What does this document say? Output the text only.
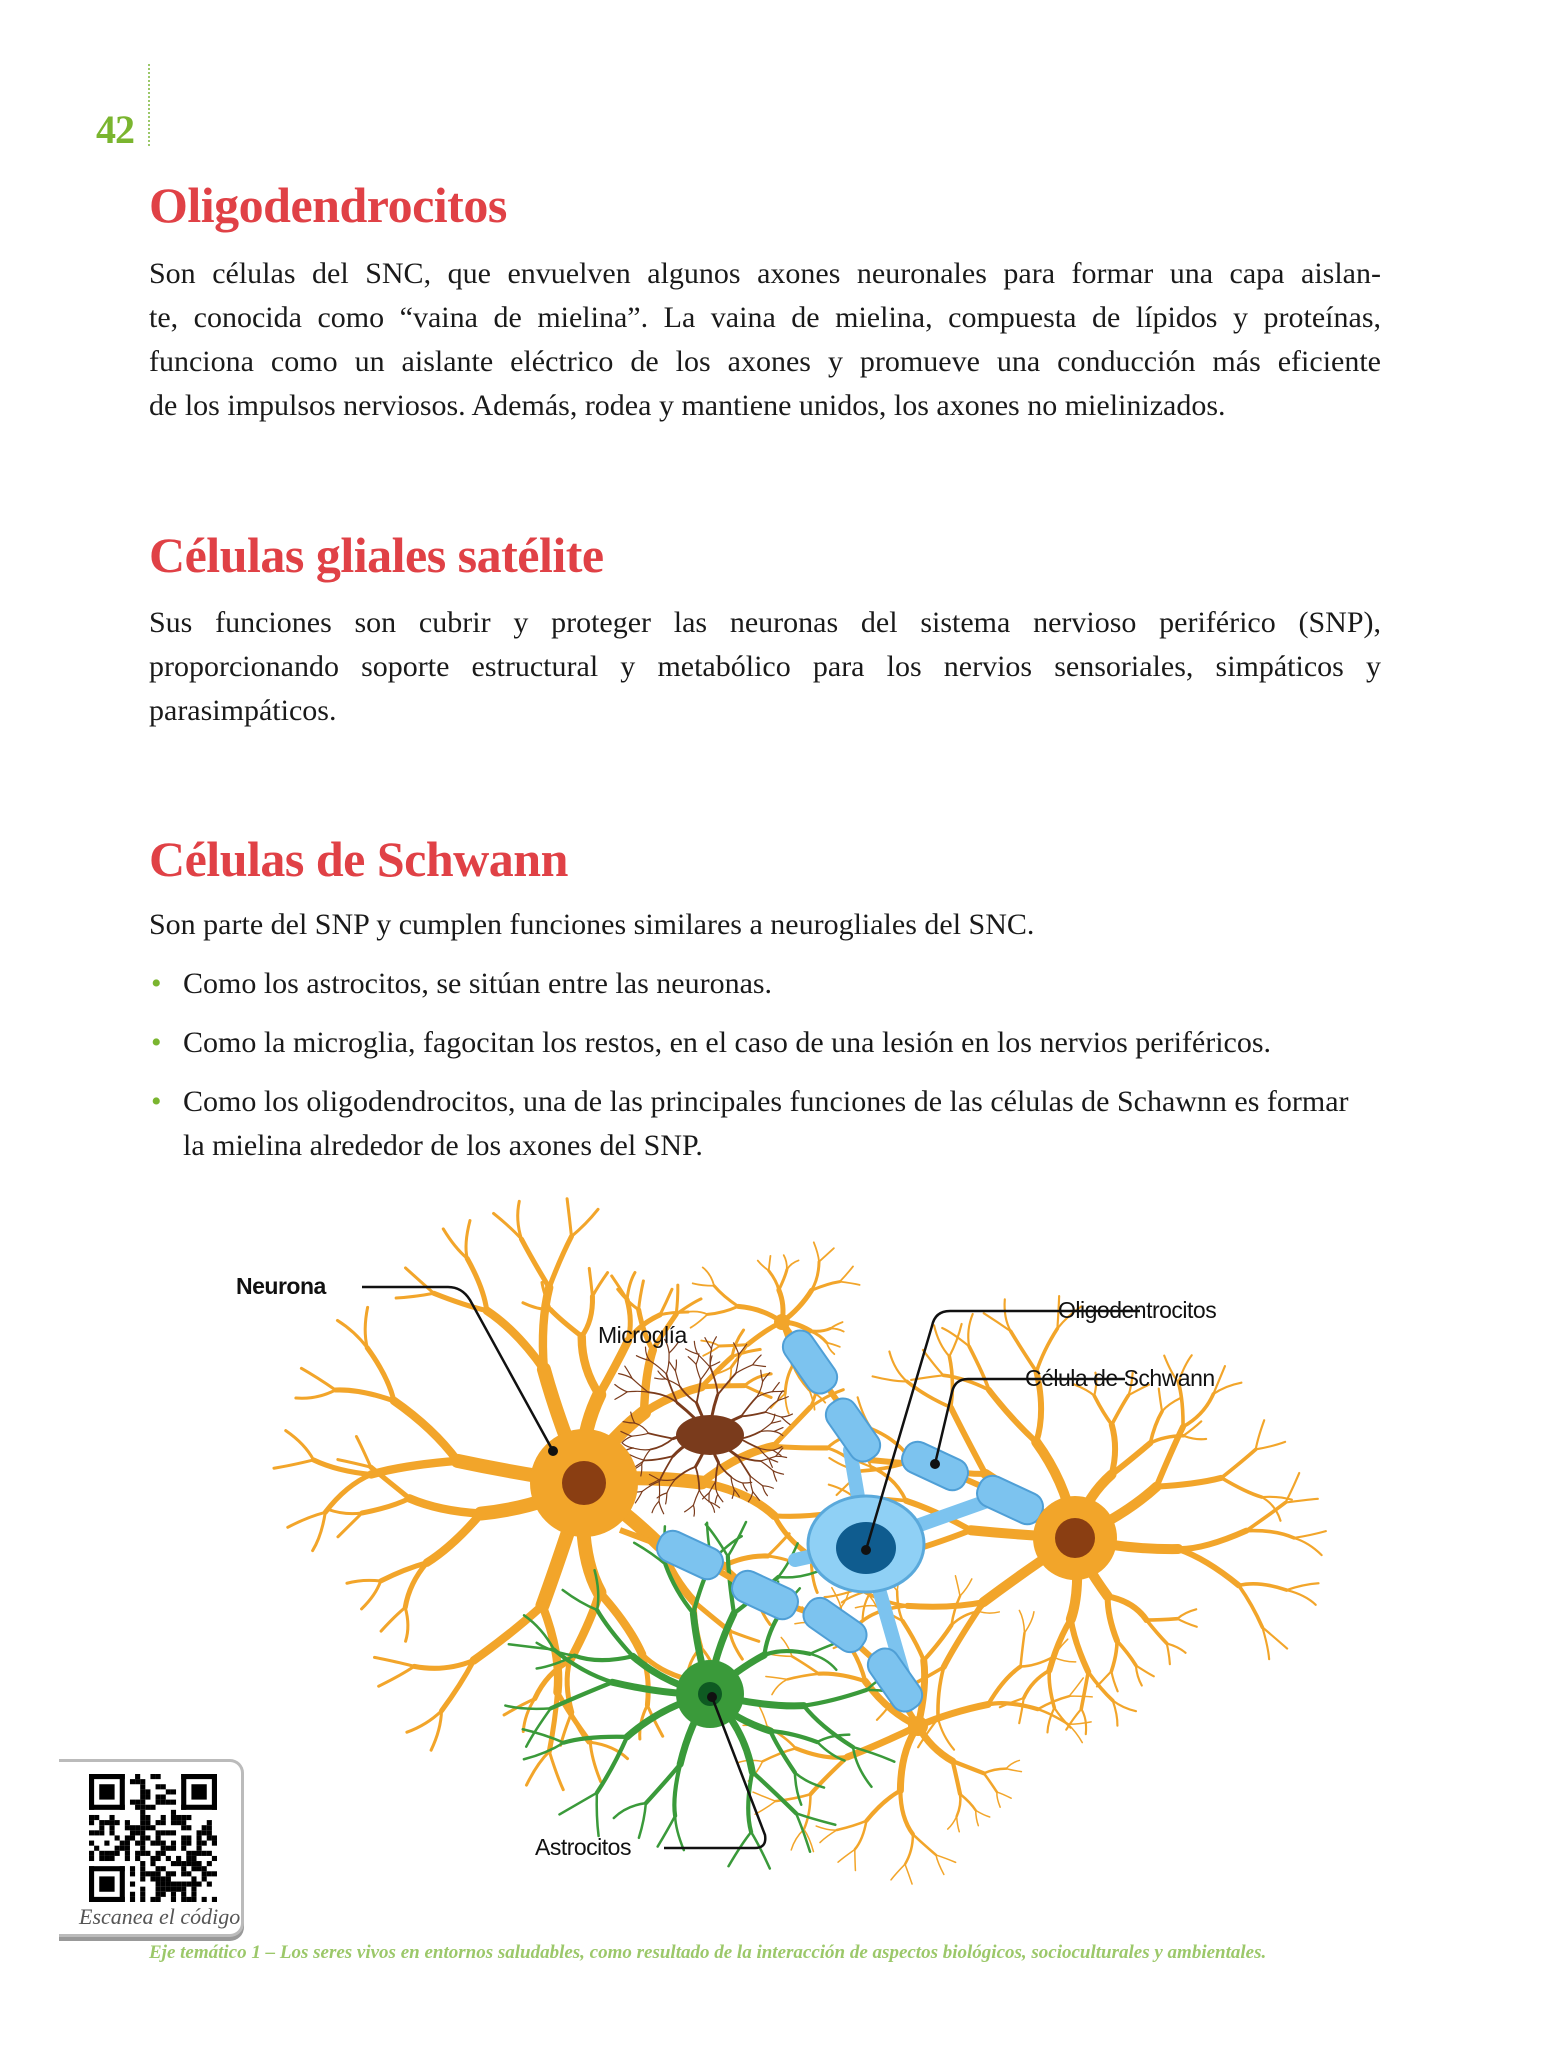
42
Oligodendrocitos
Son células del SNC, que envuelven algunos axones neuronales para formar una capa aislan-
te, conocida como “vaina de mielina”. La vaina de mielina, compuesta de lípidos y proteínas,
funciona como un aislante eléctrico de los axones y promueve una conducción más eficiente
de los impulsos nerviosos. Además, rodea y mantiene unidos, los axones no mielinizados.
Células gliales satélite
Sus funciones son cubrir y proteger las neuronas del sistema nervioso periférico (SNP),
proporcionando soporte estructural y metabólico para los nervios sensoriales, simpáticos y
parasimpáticos.
Células de Schwann
Son parte del SNP y cumplen funciones similares a neurogliales del SNC.
• Como los astrocitos, se sitúan entre las neuronas.
• Como la microglia, fagocitan los restos, en el caso de una lesión en los nervios periféricos.
• Como los oligodendrocitos, una de las principales funciones de las células de Schawnn es formar la mielina alrededor de los axones del SNP.
Neurona
Microglía
Oligodentrocitos
Célula de Schwann
Astrocitos
Escanea el código
Eje temático 1 – Los seres vivos en entornos saludables, como resultado de la interacción de aspectos biológicos, socioculturales y ambientales.
